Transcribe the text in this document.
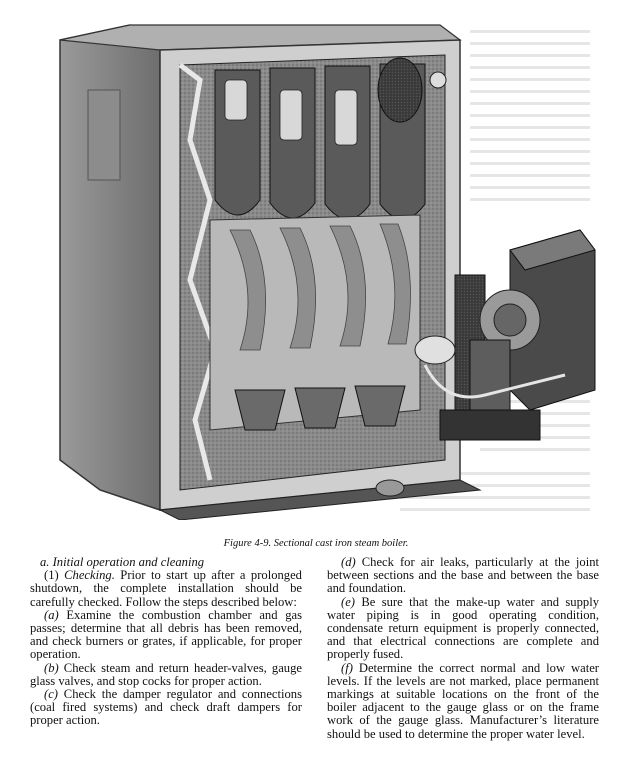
Figure 4-9. Sectional cast iron steam boiler.

a. Initial operation and cleaning

(1) Checking. Prior to start up after a prolonged shutdown, the complete installation should be carefully checked. Follow the steps described below:

(a) Examine the combustion chamber and gas passes; determine that all debris has been removed, and check burners or grates, if applicable, for proper operation.

(b) Check steam and return header-valves, gauge glass valves, and stop cocks for proper action.

(c) Check the damper regulator and connections (coal fired systems) and check draft dampers for proper action.

(d) Check for air leaks, particularly at the joint between sections and the base and between the base and foundation.

(e) Be sure that the make-up water and supply water piping is in good operating condition, condensate return equipment is properly connected, and that electrical connections are complete and properly fused.

(f) Determine the correct normal and low water levels. If the levels are not marked, place permanent markings at suitable locations on the front of the boiler adjacent to the gauge glass or on the frame work of the gauge glass. Manufacturer’s literature should be used to determine the proper water level.
